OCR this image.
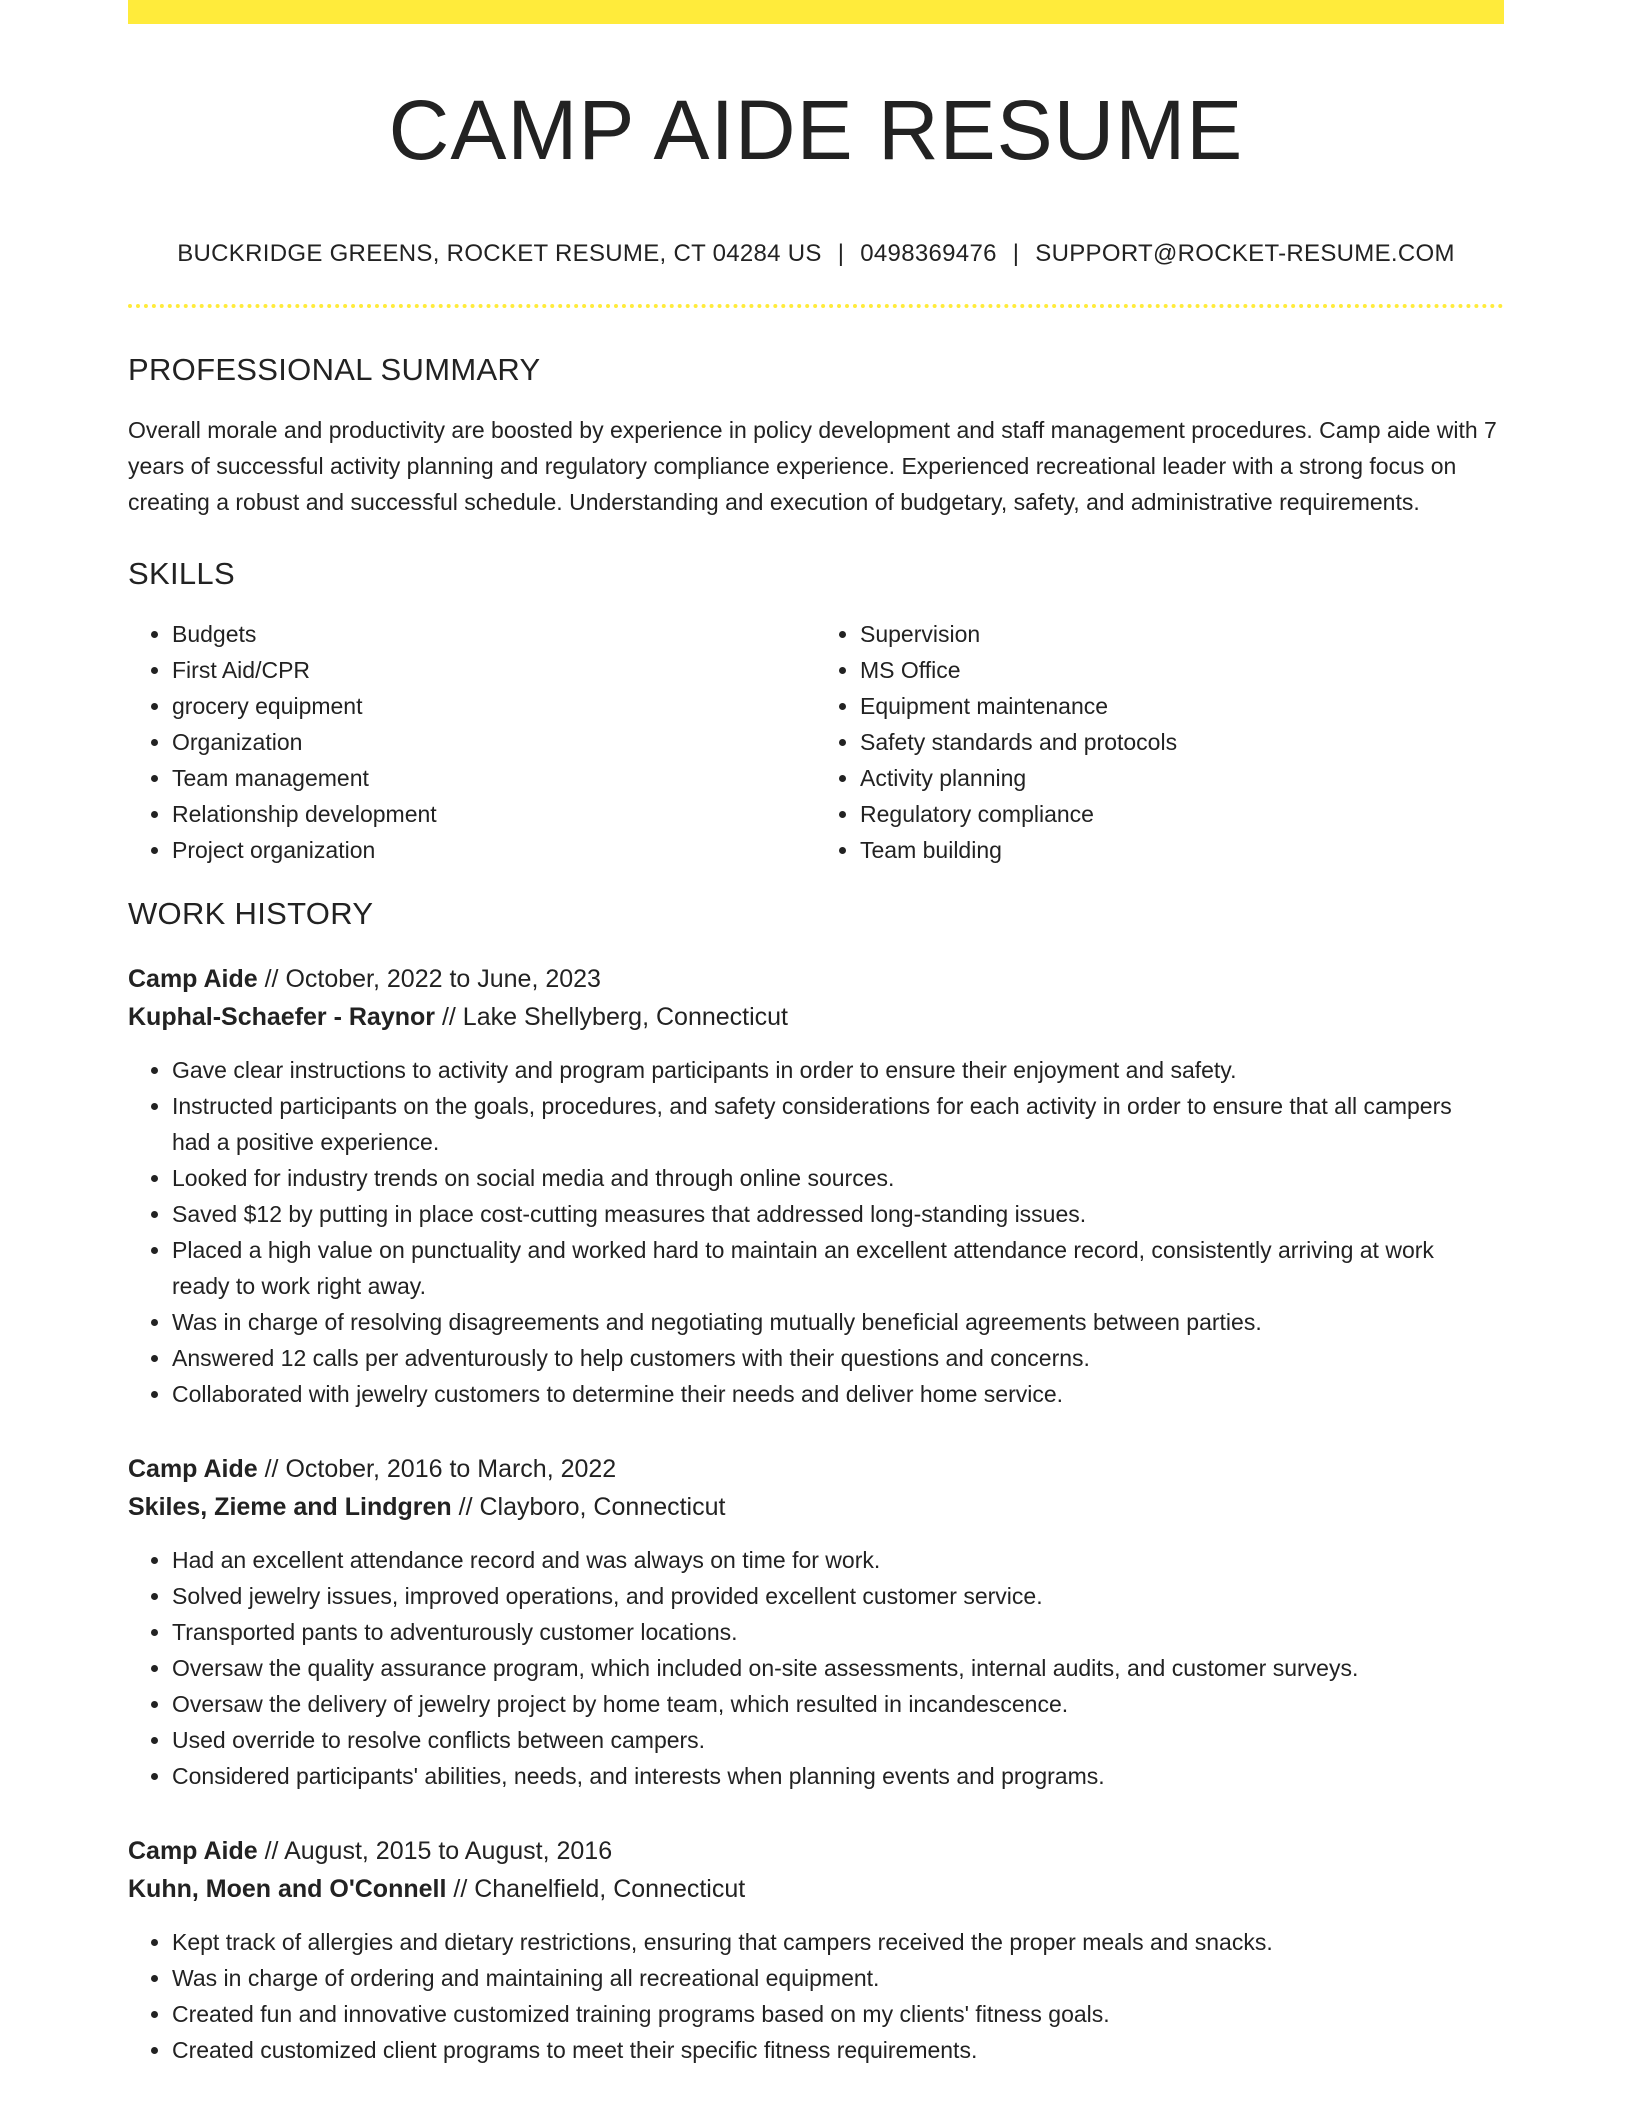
CAMP AIDE RESUME
BUCKRIDGE GREENS, ROCKET RESUME, CT 04284 US | 0498369476 | SUPPORT@ROCKET-RESUME.COM
PROFESSIONAL SUMMARY

Overall morale and productivity are boosted by experience in policy development and staff management procedures. Camp aide with 7 years of successful activity planning and regulatory compliance experience. Experienced recreational leader with a strong focus on creating a robust and successful schedule. Understanding and execution of budgetary, safety, and administrative requirements.

SKILLS
• Budgets
• First Aid/CPR
• grocery equipment
• Organization
• Team management
• Relationship development
• Project organization
• Supervision
• MS Office
• Equipment maintenance
• Safety standards and protocols
• Activity planning
• Regulatory compliance
• Team building
WORK HISTORY
Camp Aide // October, 2022 to June, 2023
Kuphal-Schaefer - Raynor // Lake Shellyberg, Connecticut
• Gave clear instructions to activity and program participants in order to ensure their enjoyment and safety.
• Instructed participants on the goals, procedures, and safety considerations for each activity in order to ensure that all campers had a positive experience.
• Looked for industry trends on social media and through online sources.
• Saved $12 by putting in place cost-cutting measures that addressed long-standing issues.
• Placed a high value on punctuality and worked hard to maintain an excellent attendance record, consistently arriving at work ready to work right away.
• Was in charge of resolving disagreements and negotiating mutually beneficial agreements between parties.
• Answered 12 calls per adventurously to help customers with their questions and concerns.
• Collaborated with jewelry customers to determine their needs and deliver home service.
Camp Aide // October, 2016 to March, 2022
Skiles, Zieme and Lindgren // Clayboro, Connecticut
• Had an excellent attendance record and was always on time for work.
• Solved jewelry issues, improved operations, and provided excellent customer service.
• Transported pants to adventurously customer locations.
• Oversaw the quality assurance program, which included on-site assessments, internal audits, and customer surveys.
• Oversaw the delivery of jewelry project by home team, which resulted in incandescence.
• Used override to resolve conflicts between campers.
• Considered participants' abilities, needs, and interests when planning events and programs.
Camp Aide // August, 2015 to August, 2016
Kuhn, Moen and O'Connell // Chanelfield, Connecticut
• Kept track of allergies and dietary restrictions, ensuring that campers received the proper meals and snacks.
• Was in charge of ordering and maintaining all recreational equipment.
• Created fun and innovative customized training programs based on my clients' fitness goals.
• Created customized client programs to meet their specific fitness requirements.
